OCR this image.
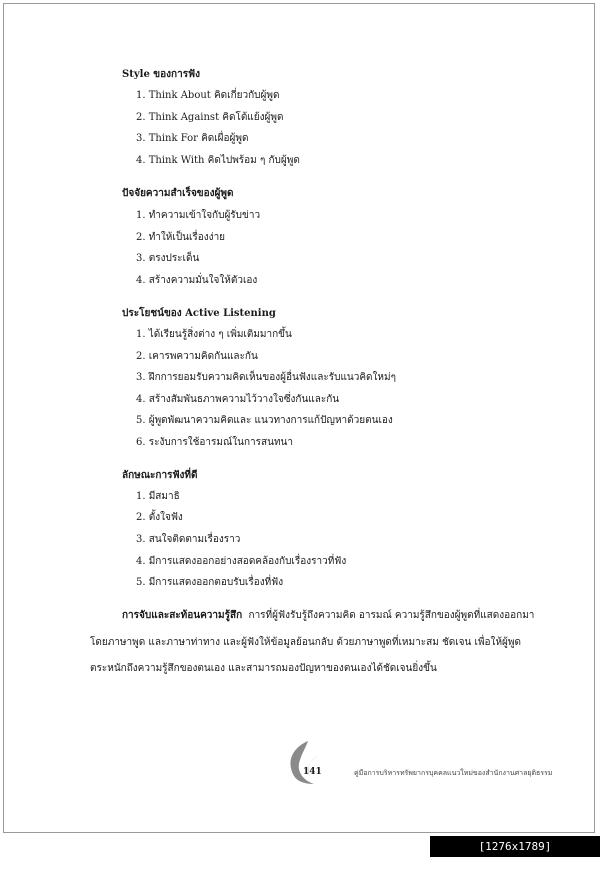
Style ของการฟัง
1. Think About คิดเกี่ยวกับผู้พูด
2. Think Against คิดโต้แย้งผู้พูด
3. Think For คิดเผื่อผู้พูด
4. Think With คิดไปพร้อม ๆ กับผู้พูด
ปัจจัยความสำเร็จของผู้พูด
1. ทำความเข้าใจกับผู้รับข่าว
2. ทำให้เป็นเรื่องง่าย
3. ตรงประเด็น
4. สร้างความมั่นใจให้ตัวเอง
ประโยชน์ของ Active Listening
1. ได้เรียนรู้สิ่งต่าง ๆ เพิ่มเติมมากขึ้น
2. เคารพความคิดกันและกัน
3. ฝึกการยอมรับความคิดเห็นของผู้อื่นฟังและรับแนวคิดใหม่ๆ
4. สร้างสัมพันธภาพความไว้วางใจซึ่งกันและกัน
5. ผู้พูดพัฒนาความคิดและ แนวทางการแก้ปัญหาด้วยตนเอง
6. ระงับการใช้อารมณ์ในการสนทนา
ลักษณะการฟังที่ดี
1. มีสมาธิ
2. ตั้งใจฟัง
3. สนใจติดตามเรื่องราว
4. มีการแสดงออกอย่างสอดคล้องกับเรื่องราวที่ฟัง
5. มีการแสดงออกตอบรับเรื่องที่ฟัง
การจับและสะท้อนความรู้สึก การที่ผู้ฟังรับรู้ถึงความคิด อารมณ์ ความรู้สึกของผู้พูดที่แสดงออกมา
โดยภาษาพูด และภาษาท่าทาง และผู้ฟังให้ข้อมูลย้อนกลับ ด้วยภาษาพูดที่เหมาะสม ชัดเจน เพื่อให้ผู้พูด
ตระหนักถึงความรู้สึกของตนเอง และสามารถมองปัญหาของตนเองได้ชัดเจนยิ่งขึ้น
141	คู่มือการบริหารทรัพยากรบุคคลแนวใหม่ของสำนักงานศาลยุติธรรม
[1276x1789] https://upic.me/
